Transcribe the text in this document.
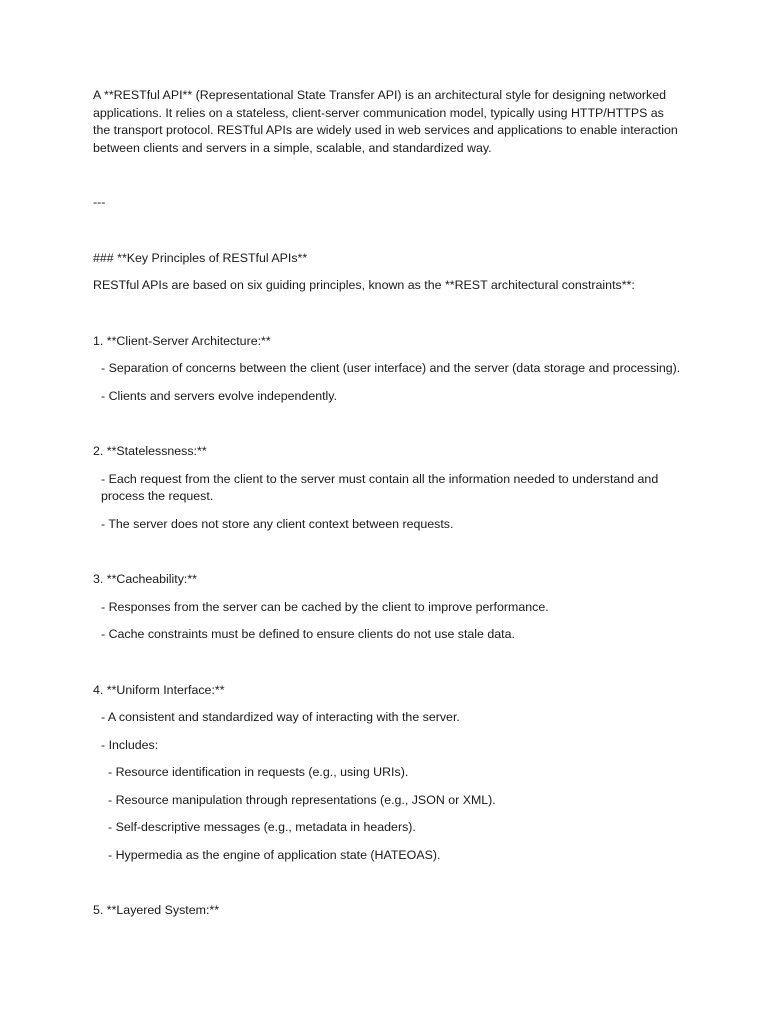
A **RESTful API** (Representational State Transfer API) is an architectural style for designing networked applications. It relies on a stateless, client-server communication model, typically using HTTP/HTTPS as the transport protocol. RESTful APIs are widely used in web services and applications to enable interaction between clients and servers in a simple, scalable, and standardized way.

---

### **Key Principles of RESTful APIs**

RESTful APIs are based on six guiding principles, known as the **REST architectural constraints**:

1. **Client-Server Architecture:**

- Separation of concerns between the client (user interface) and the server (data storage and processing).

- Clients and servers evolve independently.

2. **Statelessness:**

- Each request from the client to the server must contain all the information needed to understand and process the request.

- The server does not store any client context between requests.

3. **Cacheability:**

- Responses from the server can be cached by the client to improve performance.

- Cache constraints must be defined to ensure clients do not use stale data.

4. **Uniform Interface:**

- A consistent and standardized way of interacting with the server.

- Includes:

- Resource identification in requests (e.g., using URIs).

- Resource manipulation through representations (e.g., JSON or XML).

- Self-descriptive messages (e.g., metadata in headers).

- Hypermedia as the engine of application state (HATEOAS).

5. **Layered System:**
